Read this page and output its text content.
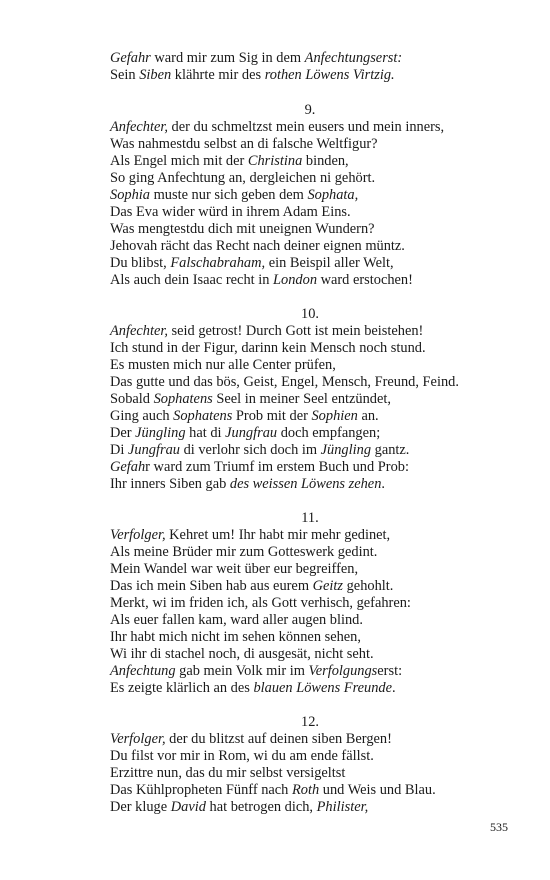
Gefahr ward mir zum Sig in dem Anfechtungserst:
Sein Siben klährte mir des rothen Löwens Virtzig.
9.
Anfechter, der du schmeltzst mein eusers und mein inners,
Was nahmestdu selbst an di falsche Weltfigur?
Als Engel mich mit der Christina binden,
So ging Anfechtung an, dergleichen ni gehört.
Sophia muste nur sich geben dem Sophata,
Das Eva wider würd in ihrem Adam Eins.
Was mengtestdu dich mit uneignen Wundern?
Jehovah rächt das Recht nach deiner eignen müntz.
Du blibst, Falschabraham, ein Beispil aller Welt,
Als auch dein Isaac recht in London ward erstochen!
10.
Anfechter, seid getrost! Durch Gott ist mein beistehen!
Ich stund in der Figur, darinn kein Mensch noch stund.
Es musten mich nur alle Center prüfen,
Das gutte und das bös, Geist, Engel, Mensch, Freund, Feind.
Sobald Sophatens Seel in meiner Seel entzündet,
Ging auch Sophatens Prob mit der Sophien an.
Der Jüngling hat di Jungfrau doch empfangen;
Di Jungfrau di verlohr sich doch im Jüngling gantz.
Gefahr ward zum Triumf im erstem Buch und Prob:
Ihr inners Siben gab des weissen Löwens zehen.
11.
Verfolger, Kehret um! Ihr habt mir mehr gedinet,
Als meine Brüder mir zum Gotteswerk gedint.
Mein Wandel war weit über eur begreiffen,
Das ich mein Siben hab aus eurem Geitz gehohlt.
Merkt, wi im friden ich, als Gott verhisch, gefahren:
Als euer fallen kam, ward aller augen blind.
Ihr habt mich nicht im sehen können sehen,
Wi ihr di stachel noch, di ausgesät, nicht seht.
Anfechtung gab mein Volk mir im Verfolgungserst:
Es zeigte klärlich an des blauen Löwens Freunde.
12.
Verfolger, der du blitzst auf deinen siben Bergen!
Du filst vor mir in Rom, wi du am ende fällst.
Erzittre nun, das du mir selbst versigeltst
Das Kühlpropheten Fünff nach Roth und Weis und Blau.
Der kluge David hat betrogen dich, Philister,
535
